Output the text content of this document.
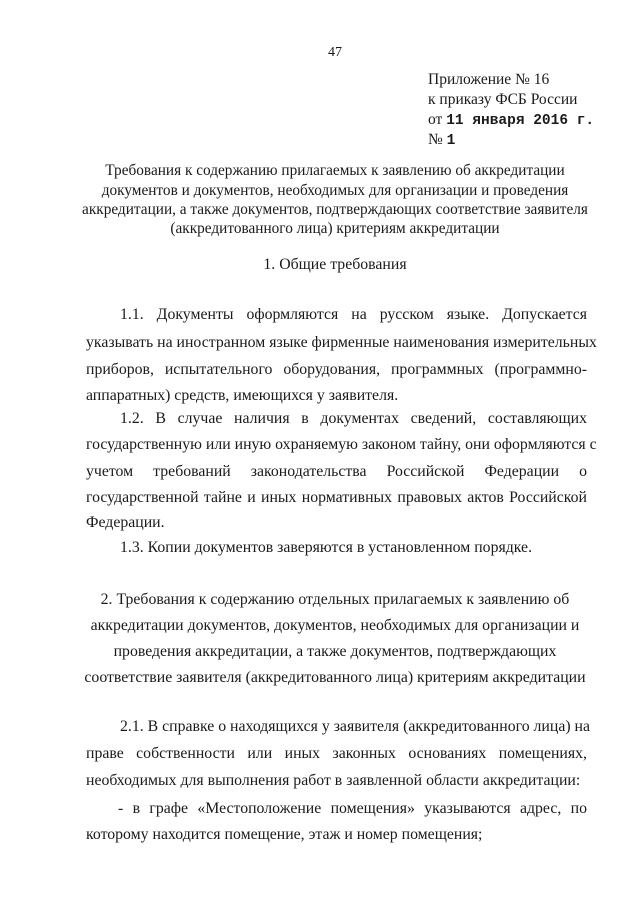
47
Приложение № 16
к приказу ФСБ России
от 11 января 2016 г.
№ 1
Требования к содержанию прилагаемых к заявлению об аккредитации
документов и документов, необходимых для организации и проведения
аккредитации, а также документов, подтверждающих соответствие заявителя
(аккредитованного лица) критериям аккредитации
1. Общие требования
1.1. Документы оформляются на русском языке. Допускается
указывать на иностранном языке фирменные наименования измерительных
приборов, испытательного оборудования, программных (программно-
аппаратных) средств, имеющихся у заявителя.
1.2. В случае наличия в документах сведений, составляющих
государственную или иную охраняемую законом тайну, они оформляются с
учетом требований законодательства Российской Федерации о
государственной тайне и иных нормативных правовых актов Российской
Федерации.
1.3. Копии документов заверяются в установленном порядке.
2. Требования к содержанию отдельных прилагаемых к заявлению об
аккредитации документов, документов, необходимых для организации и
проведения аккредитации, а также документов, подтверждающих
соответствие заявителя (аккредитованного лица) критериям аккредитации
2.1. В справке о находящихся у заявителя (аккредитованного лица) на
праве собственности или иных законных основаниях помещениях,
необходимых для выполнения работ в заявленной области аккредитации:
- в графе «Местоположение помещения» указываются адрес, по
которому находится помещение, этаж и номер помещения;
